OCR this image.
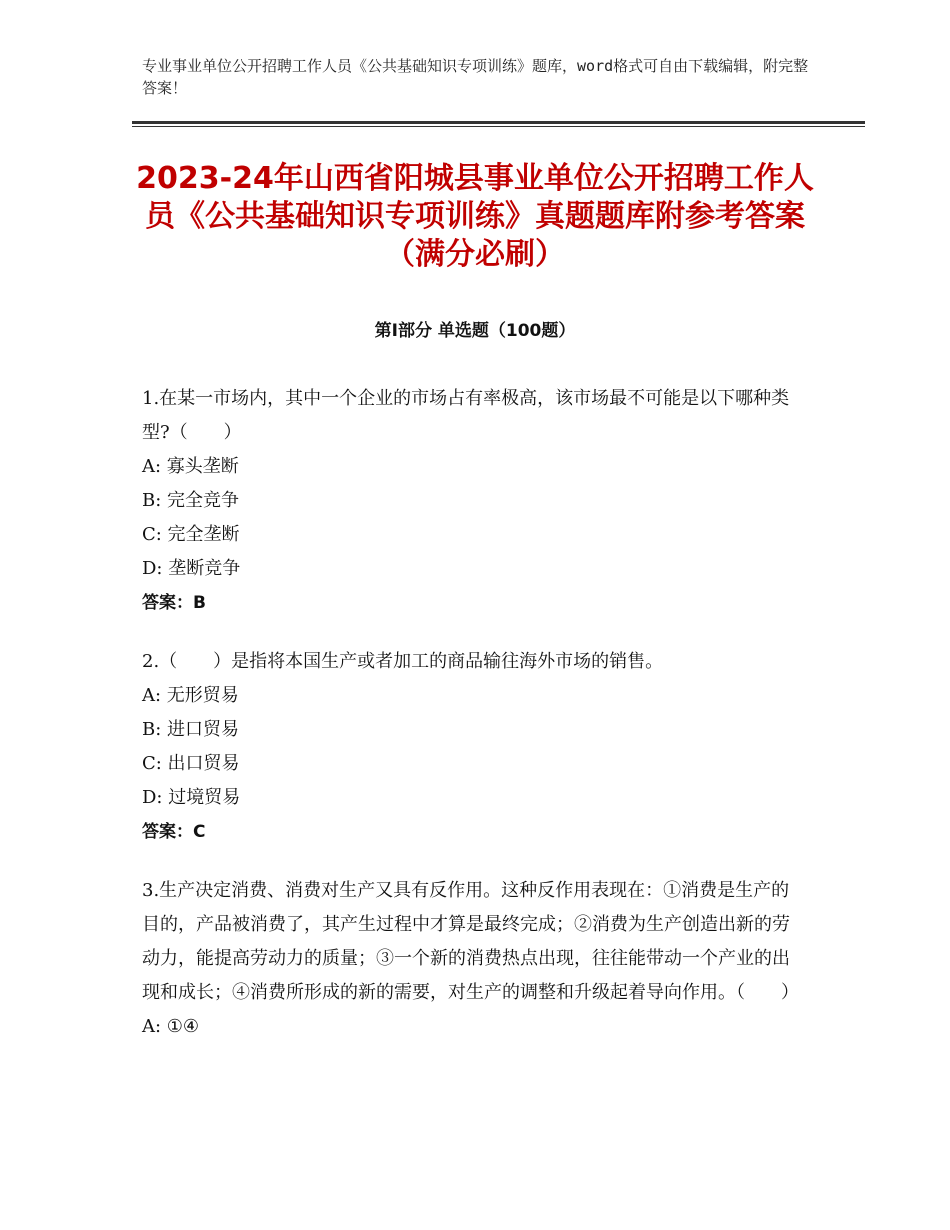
专业事业单位公开招聘工作人员《公共基础知识专项训练》题库，word格式可自由下载编辑，附完整答案！
2023-24年山西省阳城县事业单位公开招聘工作人员《公共基础知识专项训练》真题题库附参考答案（满分必刷）
第Ⅰ部分 单选题（100题）

1.在某一市场内，其中一个企业的市场占有率极高，该市场最不可能是以下哪种类型?（　　）

A: 寡头垄断

B: 完全竞争

C: 完全垄断

D: 垄断竞争

答案：B

2.（　　）是指将本国生产或者加工的商品输往海外市场的销售。

A: 无形贸易

B: 进口贸易

C: 出口贸易

D: 过境贸易

答案：C

3.生产决定消费、消费对生产又具有反作用。这种反作用表现在：①消费是生产的目的，产品被消费了，其产生过程中才算是最终完成；②消费为生产创造出新的劳动力，能提高劳动力的质量；③一个新的消费热点出现，往往能带动一个产业的出现和成长；④消费所形成的新的需要，对生产的调整和升级起着导向作用。（　　）

A: ①④
